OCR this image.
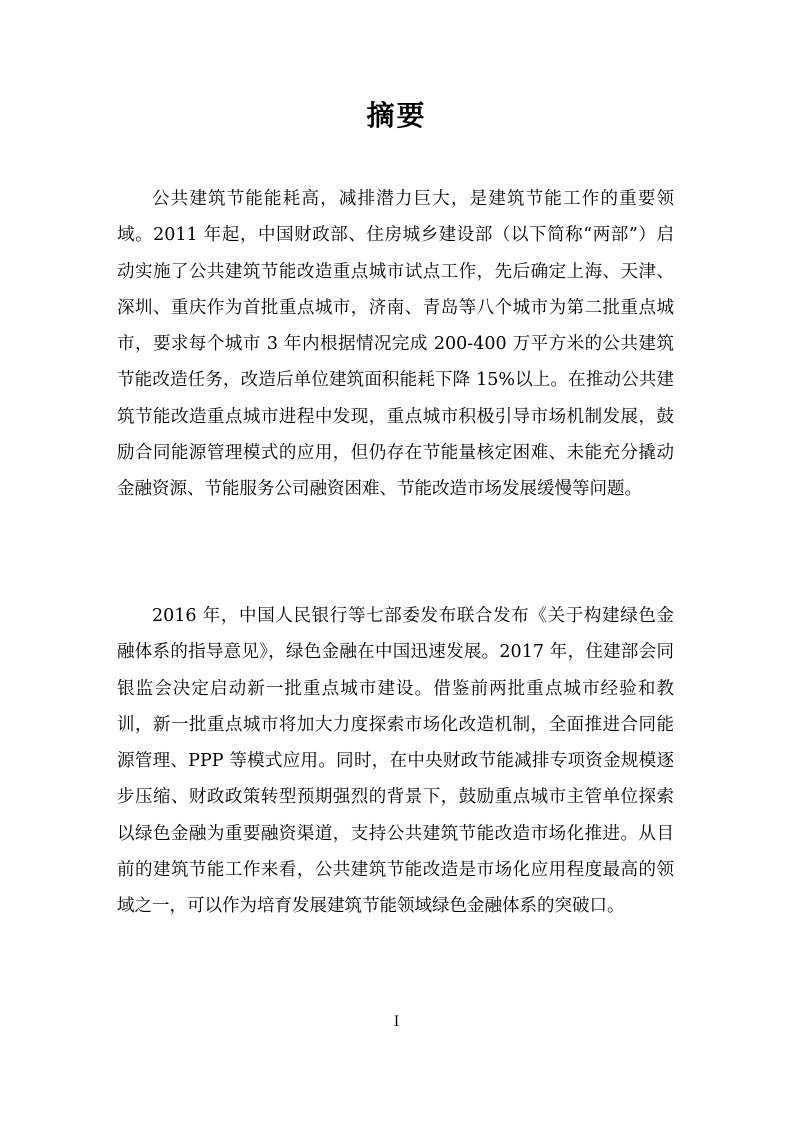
摘要

公共建筑节能能耗高，减排潜力巨大，是建筑节能工作的重要领域。2011 年起，中国财政部、住房城乡建设部（以下简称“两部”）启动实施了公共建筑节能改造重点城市试点工作，先后确定上海、天津、深圳、重庆作为首批重点城市，济南、青岛等八个城市为第二批重点城市，要求每个城市 3 年内根据情况完成 200-400 万平方米的公共建筑节能改造任务，改造后单位建筑面积能耗下降 15%以上。在推动公共建筑节能改造重点城市进程中发现，重点城市积极引导市场机制发展，鼓励合同能源管理模式的应用，但仍存在节能量核定困难、未能充分撬动金融资源、节能服务公司融资困难、节能改造市场发展缓慢等问题。

2016 年，中国人民银行等七部委发布联合发布《关于构建绿色金融体系的指导意见》，绿色金融在中国迅速发展。2017 年，住建部会同银监会决定启动新一批重点城市建设。借鉴前两批重点城市经验和教训，新一批重点城市将加大力度探索市场化改造机制，全面推进合同能源管理、PPP 等模式应用。同时，在中央财政节能减排专项资金规模逐步压缩、财政政策转型预期强烈的背景下，鼓励重点城市主管单位探索以绿色金融为重要融资渠道，支持公共建筑节能改造市场化推进。从目前的建筑节能工作来看，公共建筑节能改造是市场化应用程度最高的领域之一，可以作为培育发展建筑节能领域绿色金融体系的突破口。

I
